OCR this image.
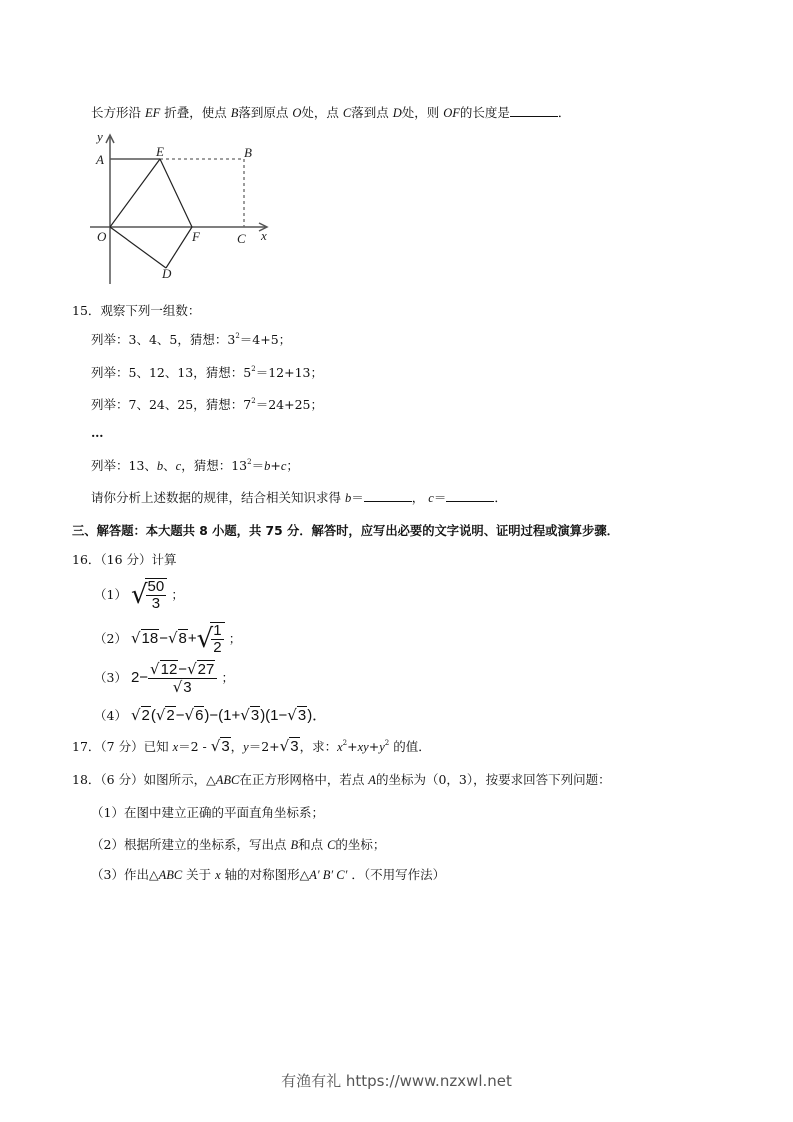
长方形沿 EF 折叠，使点 B落到原点 O处，点 C落到点 D处，则 OF的长度是	．
y
A
E	B
O	F	C x
D
15．观察下列一组数：
列举：3、4、5，猜想：$3^2=4+5$；
列举：5、12、13，猜想：$5^2=12+13$；
列举：7、24、25，猜想：$7^2=24+25$；
…
列举：13、b、c，猜想：$13^2=b+c$；
请你分析上述数据的规律，结合相关知识求得 b＝	， c＝	．
三、解答题：本大题共 8 小题，共 75 分．解答时，应写出必要的文字说明、证明过程或演算步骤．
16．（16 分）计算
（1） √
$\frac{50}{3}$ ；
（2） √18−√8+√
$\frac{1}{2}$ ；
（3） $2- \frac{√12-√27}{√3}$ ；
（4） √2(√2−√6)−(1+√3)(1−√3)．
17．（7 分）已知 x＝2 - √3，y＝2+√3，求：$x^2+xy+y^2$ 的值．
18．（6 分）如图所示，△ABC在正方形网格中，若点 A的坐标为（0，3），按要求回答下列问题：
（1）在图中建立正确的平面直角坐标系；
（2）根据所建立的坐标系，写出点 B和点 C的坐标；
（3）作出△ABC 关于 x 轴的对称图形△A′ B′ C′ ．（不用写作法）
有渔有礼 https://www.nzxwl.net
